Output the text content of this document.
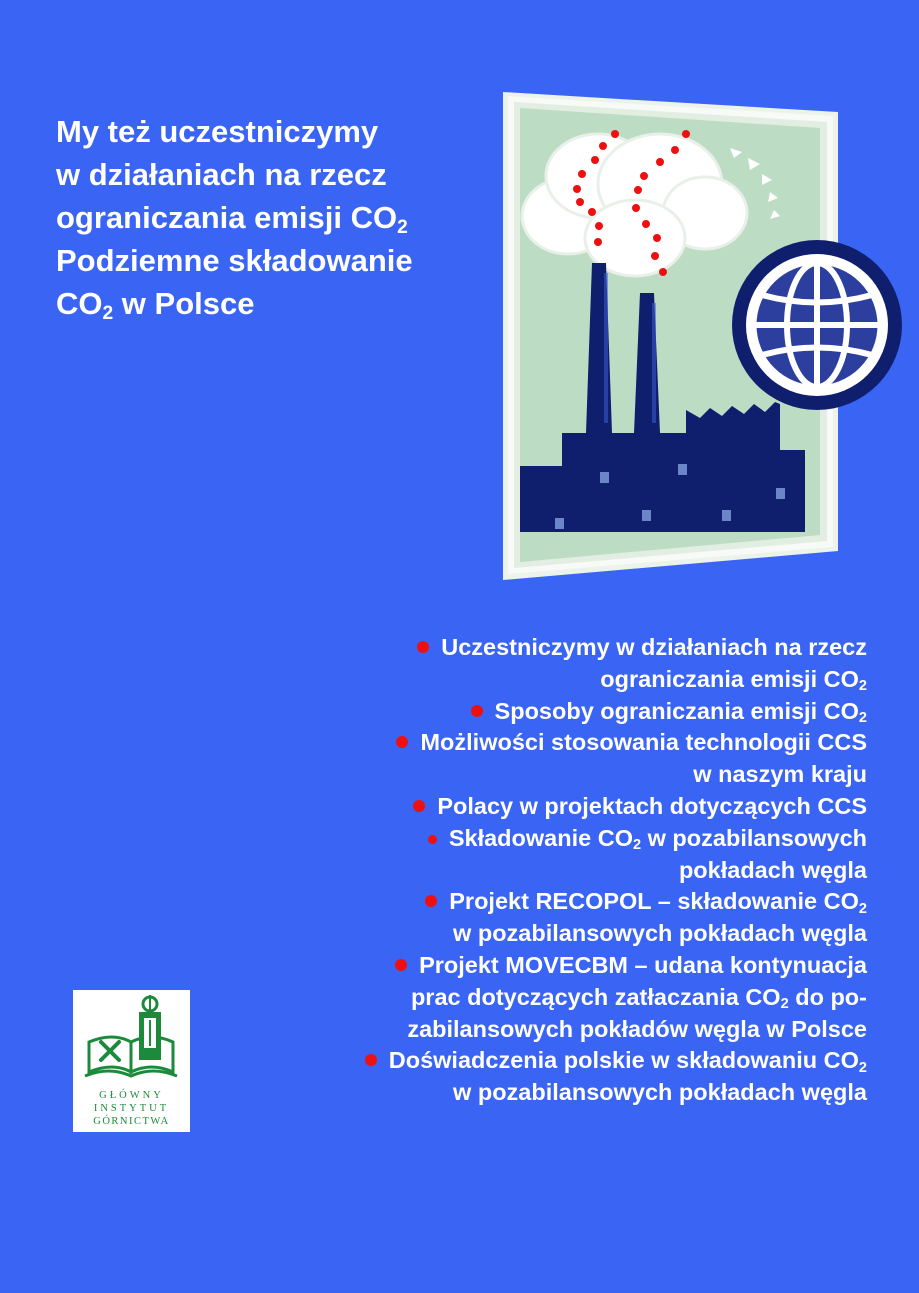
My też uczestniczymy
w działaniach na rzecz
ograniczania emisji $CO_2$
Podziemne składowanie
$CO_2$ w Polsce
Uczestniczymy w działaniach na rzecz
ograniczania emisji $CO_2$
Sposoby ograniczania emisji $CO_2$
Możliwości stosowania technologii CCS
w naszym kraju
Polacy w projektach dotyczących CCS
Składowanie $CO_2$ w pozabilansowych
pokładach węgla
Projekt RECOPOL – składowanie $CO_2$
w pozabilansowych pokładach węgla
Projekt MOVECBM – udana kontynuacja
prac dotyczących zatłaczania $CO_2$ do po-
zabilansowych pokładów węgla w Polsce
Doświadczenia polskie w składowaniu $CO_2$
w pozabilansowych pokładach węgla
GŁÓWNY
INSTYTUT
GÓRNICTWA
